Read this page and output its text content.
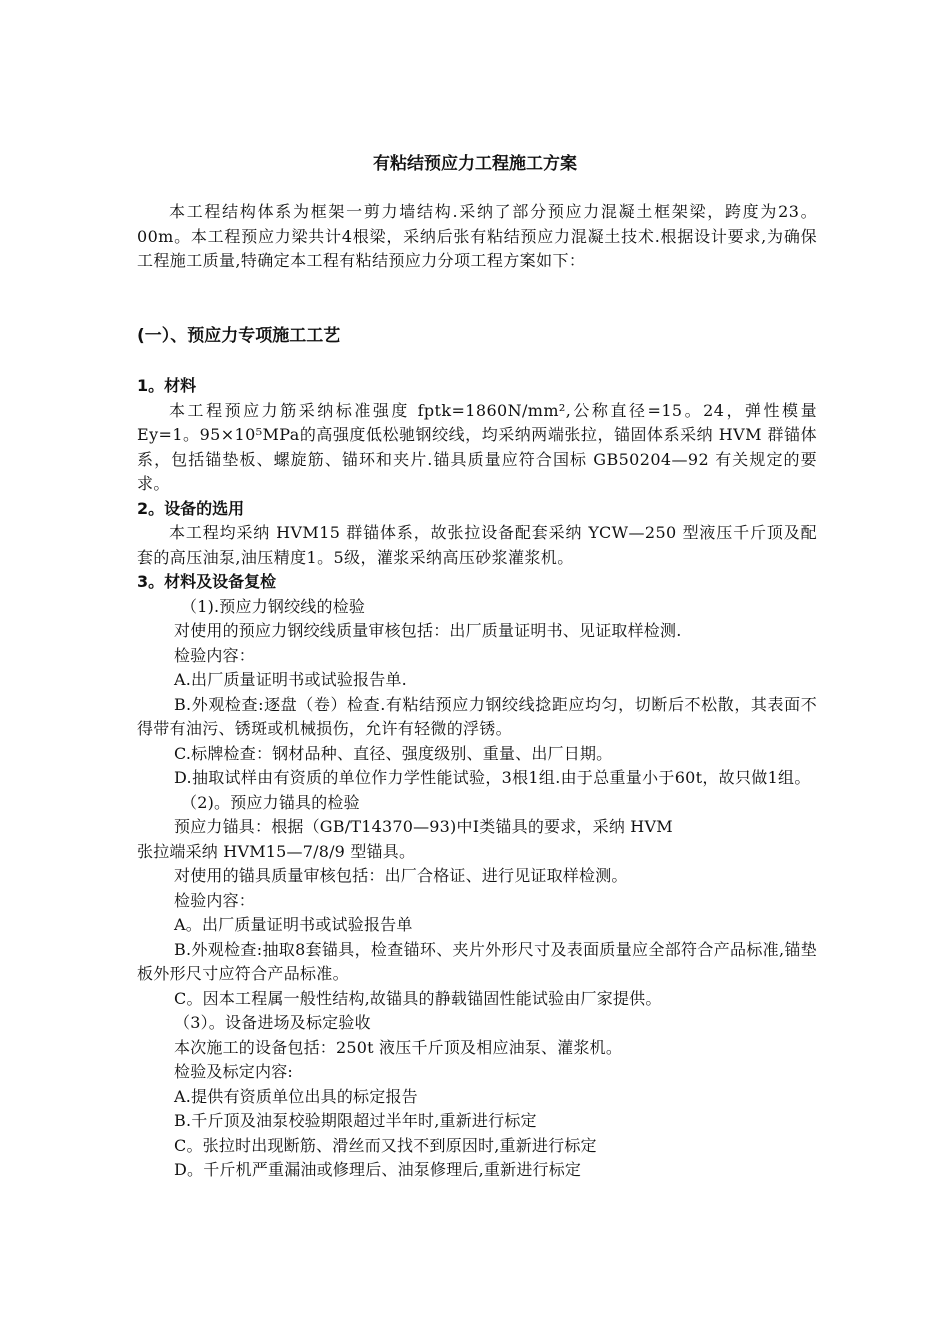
有粘结预应力工程施工方案

本工程结构体系为框架一剪力墙结构.采纳了部分预应力混凝土框架梁，跨度为23。00m。本工程预应力梁共计4根梁，采纳后张有粘结预应力混凝土技术.根据设计要求,为确保工程施工质量,特确定本工程有粘结预应力分项工程方案如下：

(一）、预应力专项施工工艺

1。材料

本工程预应力筋采纳标准强度 fptk=1860N/mm²,公称直径=15。24，弹性模量Ey=1。95×10⁵MPa的高强度低松驰钢绞线，均采纳两端张拉，锚固体系采纳 HVM 群锚体系，包括锚垫板、螺旋筋、锚环和夹片.锚具质量应符合国标 GB50204—92 有关规定的要求。

2。设备的选用

本工程均采纳 HVM15 群锚体系，故张拉设备配套采纳 YCW—250 型液压千斤顶及配套的高压油泵,油压精度1。5级，灌浆采纳高压砂浆灌浆机。

3。材料及设备复检

（1).预应力钢绞线的检验

对使用的预应力钢绞线质量审核包括：出厂质量证明书、见证取样检测.

检验内容：

A.出厂质量证明书或试验报告单.

B.外观检查:逐盘（卷）检查.有粘结预应力钢绞线捻距应均匀，切断后不松散，其表面不得带有油污、锈斑或机械损伤，允许有轻微的浮锈。

C.标牌检查：钢材品种、直径、强度级别、重量、出厂日期。

D.抽取试样由有资质的单位作力学性能试验，3根1组.由于总重量小于60t，故只做1组。

（2)。预应力锚具的检验

预应力锚具：根据（GB/T14370—93)中Ⅰ类锚具的要求，采纳 HVM

张拉端采纳 HVM15—7/8/9 型锚具。

对使用的锚具质量审核包括：出厂合格证、进行见证取样检测。

检验内容：

A。出厂质量证明书或试验报告单

B.外观检查:抽取8套锚具，检查锚环、夹片外形尺寸及表面质量应全部符合产品标准,锚垫板外形尺寸应符合产品标准。

C。因本工程属一般性结构,故锚具的静载锚固性能试验由厂家提供。

（3）。设备进场及标定验收

本次施工的设备包括：250t 液压千斤顶及相应油泵、灌浆机。

检验及标定内容:

A.提供有资质单位出具的标定报告

B.千斤顶及油泵校验期限超过半年时,重新进行标定

C。张拉时出现断筋、滑丝而又找不到原因时,重新进行标定

D。千斤机严重漏油或修理后、油泵修理后,重新进行标定
